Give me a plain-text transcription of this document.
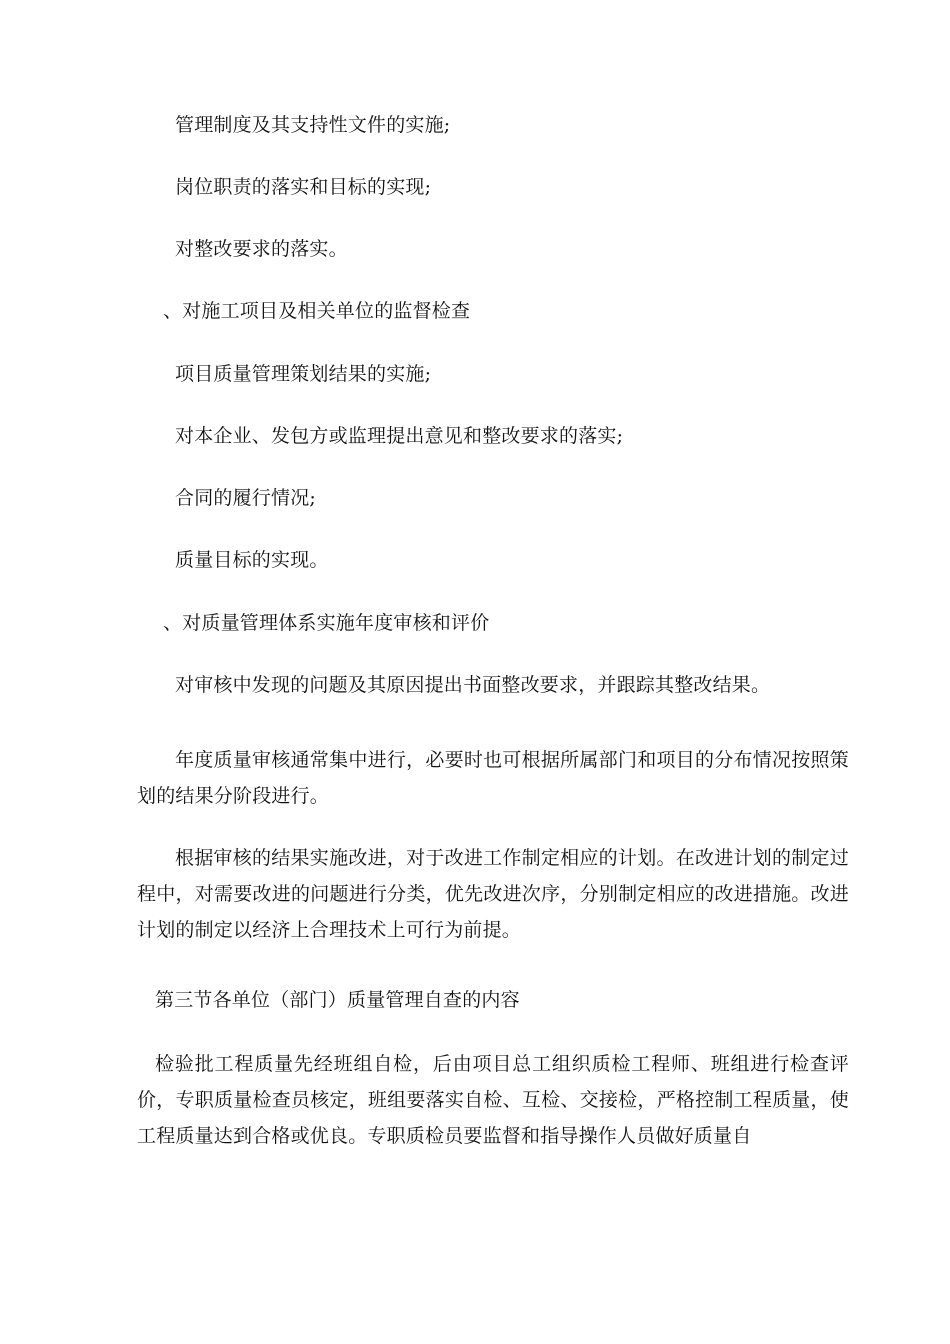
管理制度及其支持性文件的实施;
岗位职责的落实和目标的实现;
对整改要求的落实。
、对施工项目及相关单位的监督检查
项目质量管理策划结果的实施;
对本企业、发包方或监理提出意见和整改要求的落实;
合同的履行情况;
质量目标的实现。
、对质量管理体系实施年度审核和评价
对审核中发现的问题及其原因提出书面整改要求，并跟踪其整改结果。
年度质量审核通常集中进行，必要时也可根据所属部门和项目的分布情况按照策划的结果分阶段进行。
根据审核的结果实施改进，对于改进工作制定相应的计划。在改进计划的制定过程中，对需要改进的问题进行分类，优先改进次序，分别制定相应的改进措施。改进计划的制定以经济上合理技术上可行为前提。
第三节各单位（部门）质量管理自查的内容
检验批工程质量先经班组自检，后由项目总工组织质检工程师、班组进行检查评价，专职质量检查员核定，班组要落实自检、互检、交接检，严格控制工程质量，使工程质量达到合格或优良。专职质检员要监督和指导操作人员做好质量自
